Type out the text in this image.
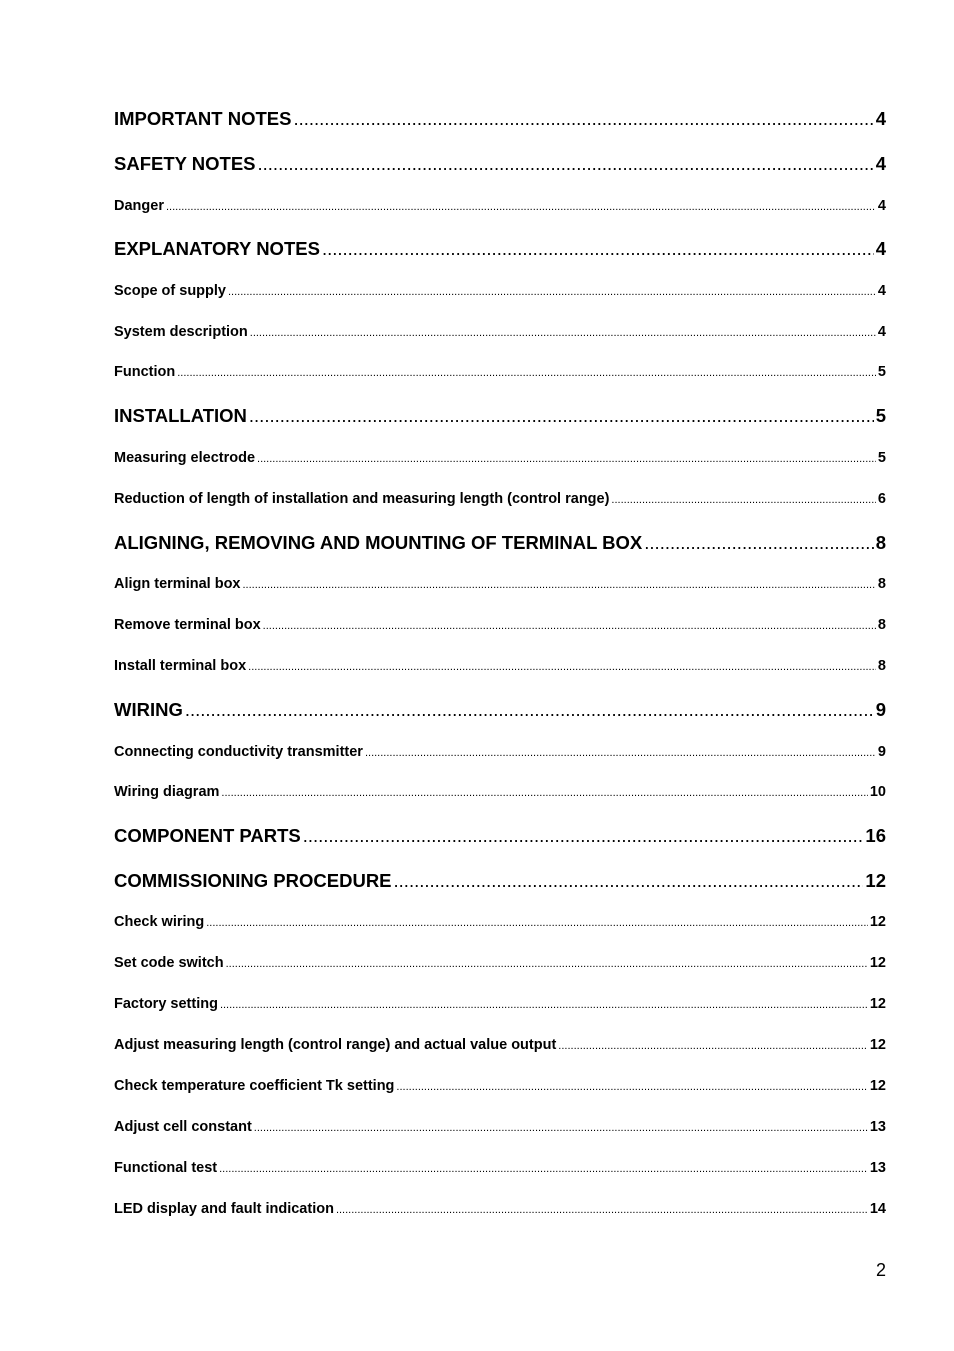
IMPORTANT NOTES .....	4
SAFETY NOTES .....	4
Danger .....	4
EXPLANATORY NOTES .....	4
Scope of supply .....	4
System description .....	4
Function .....	5
INSTALLATION .....	5
Measuring electrode .....	5
Reduction of length of installation and measuring length (control range) .....	6
ALIGNING, REMOVING AND MOUNTING OF TERMINAL BOX .....	8
Align terminal box .....	8
Remove terminal box .....	8
Install terminal box .....	8
WIRING .....	9
Connecting conductivity transmitter .....	9
Wiring diagram .....	10
COMPONENT PARTS .....	16
COMMISSIONING PROCEDURE .....	12
Check wiring .....	12
Set code switch .....	12
Factory setting .....	12
Adjust measuring length (control range) and actual value output .....	12
Check temperature coefficient Tk setting .....	12
Adjust cell constant .....	13
Functional test .....	13
LED display and fault indication .....	14
2
